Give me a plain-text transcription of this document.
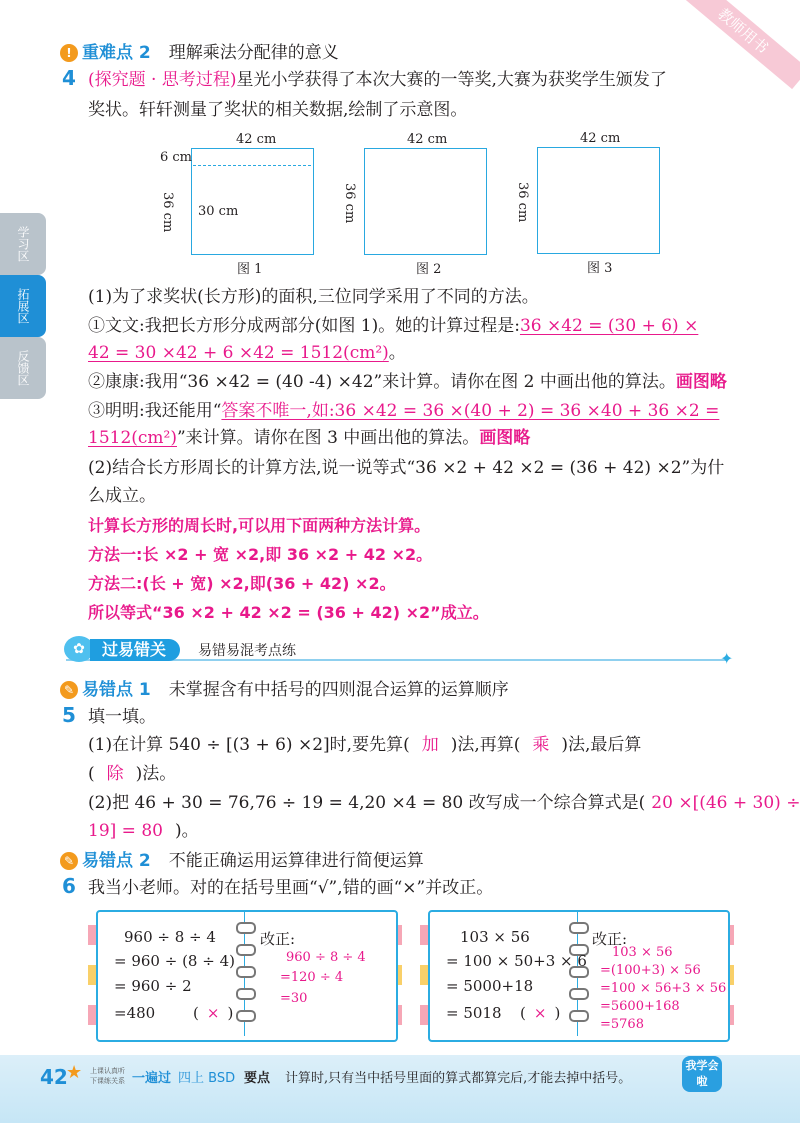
教师用书
学习区
拓展区
反馈区
! 重难点 2 理解乘法分配律的意义
4 (探究题 · 思考过程)星光小学获得了本次大赛的一等奖,大赛为获奖学生颁发了
奖状。轩轩测量了奖状的相关数据,绘制了示意图。
42 cm
6 cm
36 cm 30 cm
图 1
42 cm
36 cm
图 2
42 cm
36 cm
图 3
(1)为了求奖状(长方形)的面积,三位同学采用了不同的方法。
①文文:我把长方形分成两部分(如图 1)。她的计算过程是:36 ×42 = (30 + 6) ×
42 = 30 ×42 + 6 ×42 = 1512(cm²)。
②康康:我用“36 ×42 = (40 -4) ×42”来计算。请你在图 2 中画出他的算法。画图略
③明明:我还能用“答案不唯一,如:36 ×42 = 36 ×(40 + 2) = 36 ×40 + 36 ×2 =
1512(cm²)”来计算。请你在图 3 中画出他的算法。画图略
(2)结合长方形周长的计算方法,说一说等式“36 ×2 + 42 ×2 = (36 + 42) ×2”为什
么成立。
计算长方形的周长时,可以用下面两种方法计算。
方法一:长 ×2 + 宽 ×2,即 36 ×2 + 42 ×2。
方法二:(长 + 宽) ×2,即(36 + 42) ×2。
所以等式“36 ×2 + 42 ×2 = (36 + 42) ×2”成立。
✦
✿	过易错关	易错易混考点练
✎ 易错点 1 未掌握含有中括号的四则混合运算的运算顺序
5 填一填。
(1)在计算 540 ÷ [(3 + 6) ×2]时,要先算( 加 )法,再算( 乘 )法,最后算
( 除 )法。
(2)把 46 + 30 = 76,76 ÷ 19 = 4,20 ×4 = 80 改写成一个综合算式是( 20 ×[(46 + 30) ÷
19] = 80 )。
✎ 易错点 2 不能正确运用运算律进行简便运算
6 我当小老师。对的在括号里画“√”,错的画“×”并改正。
960 ÷ 8 ÷ 4
= 960 ÷ (8 ÷ 4)
= 960 ÷ 2
=480	( × )
改正:
960 ÷ 8 ÷ 4
=120 ÷ 4
=30
103 × 56
= 100 × 50+3 × 6
= 5000+18
= 5018 ( × )
改正:
103 × 56
=(100+3) × 56
=100 × 56+3 × 56
=5600+168
=5768
42
★ 上课认真听
下课练关系 一遍过 四上 BSD 要点 计算时,只有当中括号里面的算式都算完后,才能去掉中括号。
我学会啦
